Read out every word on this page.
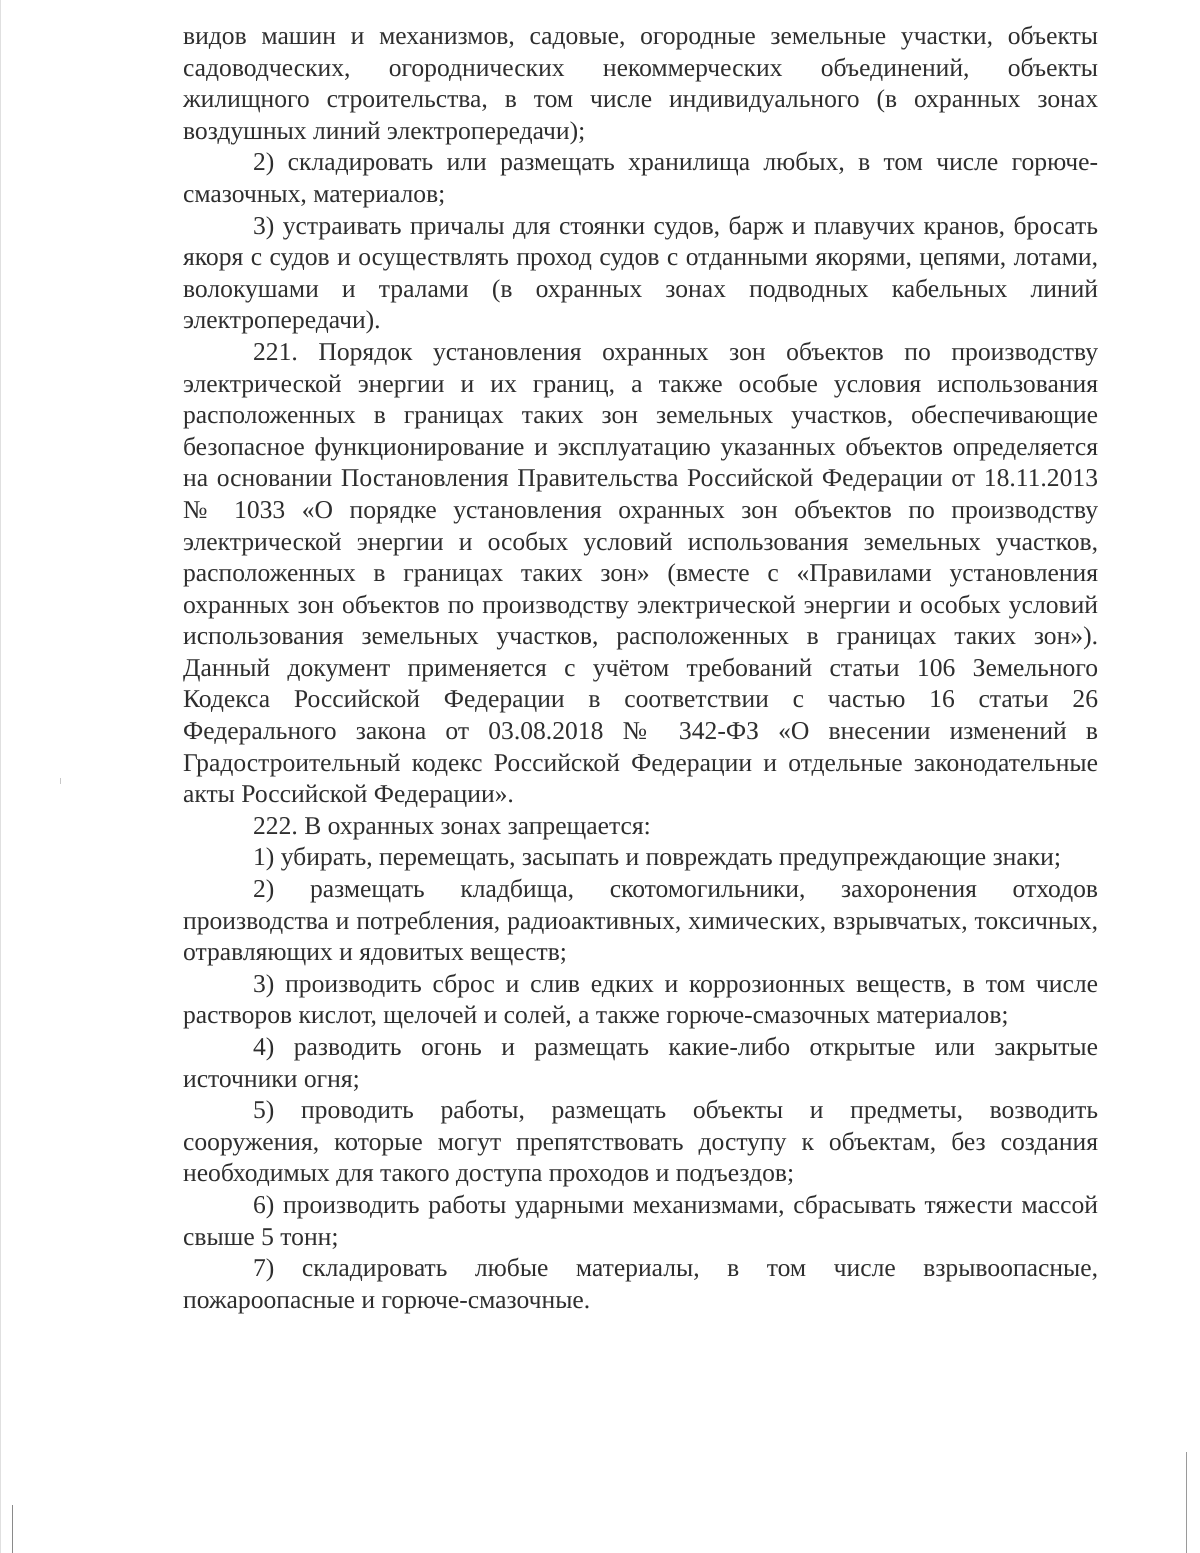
видов машин и механизмов, садовые, огородные земельные участки, объекты садоводческих, огороднических некоммерческих объединений, объекты жилищного строительства, в том числе индивидуального (в охранных зонах воздушных линий электропередачи);

2) складировать или размещать хранилища любых, в том числе горюче-смазочных, материалов;

3) устраивать причалы для стоянки судов, барж и плавучих кранов, бросать якоря с судов и осуществлять проход судов с отданными якорями, цепями, лотами, волокушами и тралами (в охранных зонах подводных кабельных линий электропередачи).

221. Порядок установления охранных зон объектов по производству электрической энергии и их границ, а также особые условия использования расположенных в границах таких зон земельных участков, обеспечивающие безопасное функционирование и эксплуатацию указанных объектов определяется на основании Постановления Правительства Российской Федерации от 18.11.2013 № 1033 «О порядке установления охранных зон объектов по производству электрической энергии и особых условий использования земельных участков, расположенных в границах таких зон» (вместе с «Правилами установления охранных зон объектов по производству электрической энергии и особых условий использования земельных участков, расположенных в границах таких зон»). Данный документ применяется с учётом требований статьи 106 Земельного Кодекса Российской Федерации в соответствии с частью 16 статьи 26 Федерального закона от 03.08.2018 № 342-ФЗ «О внесении изменений в Градостроительный кодекс Российской Федерации и отдельные законодательные акты Российской Федерации».

222. В охранных зонах запрещается:

1) убирать, перемещать, засыпать и повреждать предупреждающие знаки;

2) размещать кладбища, скотомогильники, захоронения отходов производства и потребления, радиоактивных, химических, взрывчатых, токсичных, отравляющих и ядовитых веществ;

3) производить сброс и слив едких и коррозионных веществ, в том числе растворов кислот, щелочей и солей, а также горюче-смазочных материалов;

4) разводить огонь и размещать какие-либо открытые или закрытые источники огня;

5) проводить работы, размещать объекты и предметы, возводить сооружения, которые могут препятствовать доступу к объектам, без создания необходимых для такого доступа проходов и подъездов;

6) производить работы ударными механизмами, сбрасывать тяжести массой свыше 5 тонн;

7) складировать любые материалы, в том числе взрывоопасные, пожароопасные и горюче-смазочные.
